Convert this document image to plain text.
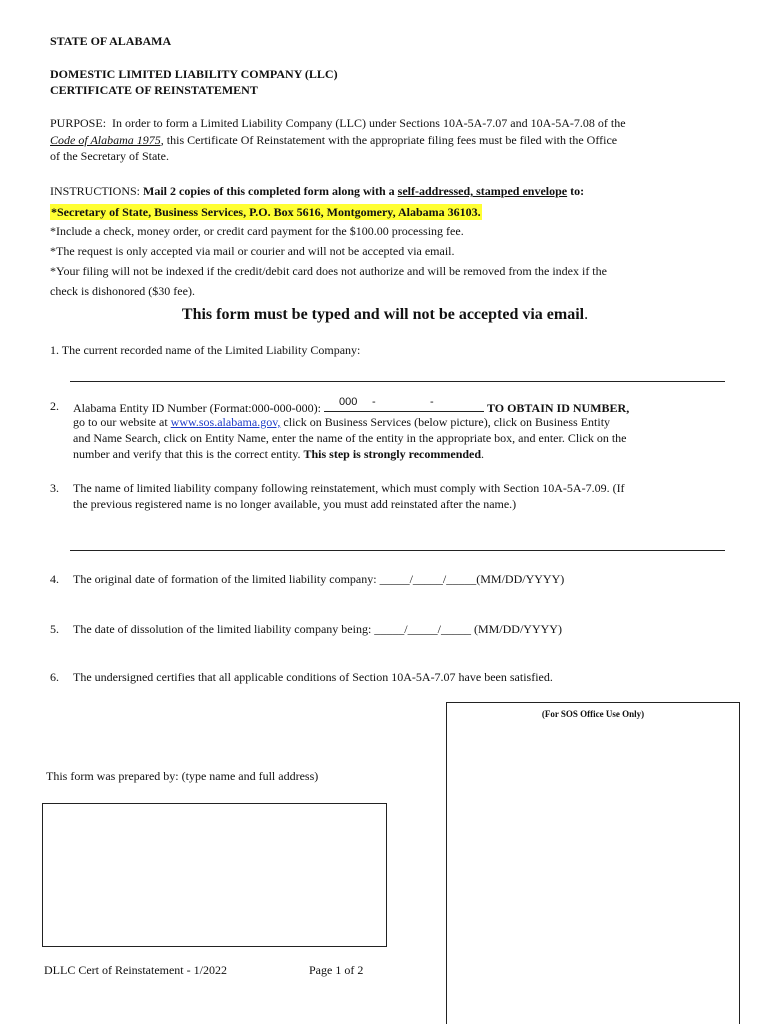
STATE OF ALABAMA
DOMESTIC LIMITED LIABILITY COMPANY (LLC)
CERTIFICATE OF REINSTATEMENT
PURPOSE: In order to form a Limited Liability Company (LLC) under Sections 10A-5A-7.07 and 10A-5A-7.08 of the
Code of Alabama 1975, this Certificate Of Reinstatement with the appropriate filing fees must be filed with the Office
of the Secretary of State.
INSTRUCTIONS: Mail 2 copies of this completed form along with a self-addressed, stamped envelope to:
*Secretary of State, Business Services, P.O. Box 5616, Montgomery, Alabama 36103.
*Include a check, money order, or credit card payment for the $100.00 processing fee.
*The request is only accepted via mail or courier and will not be accepted via email.
*Your filing will not be indexed if the credit/debit card does not authorize and will be removed from the index if the
check is dishonored ($30 fee).
This form must be typed and will not be accepted via email.
1. The current recorded name of the Limited Liability Company:
2. Alabama Entity ID Number (Format:000-000-000): 000 -	-	TO OBTAIN ID NUMBER,
go to our website at www.sos.alabama.gov, click on Business Services (below picture), click on Business Entity
and Name Search, click on Entity Name, enter the name of the entity in the appropriate box, and enter. Click on the
number and verify that this is the correct entity. This step is strongly recommended.
3. The name of limited liability company following reinstatement, which must comply with Section 10A-5A-7.09. (If
the previous registered name is no longer available, you must add reinstated after the name.)
4. The original date of formation of the limited liability company: _____/_____/_____(MM/DD/YYYY)
5. The date of dissolution of the limited liability company being: _____/_____/_____ (MM/DD/YYYY)
6. The undersigned certifies that all applicable conditions of Section 10A-5A-7.07 have been satisfied.
(For SOS Office Use Only)
This form was prepared by: (type name and full address)
DLLC Cert of Reinstatement - 1/2022	Page 1 of 2
